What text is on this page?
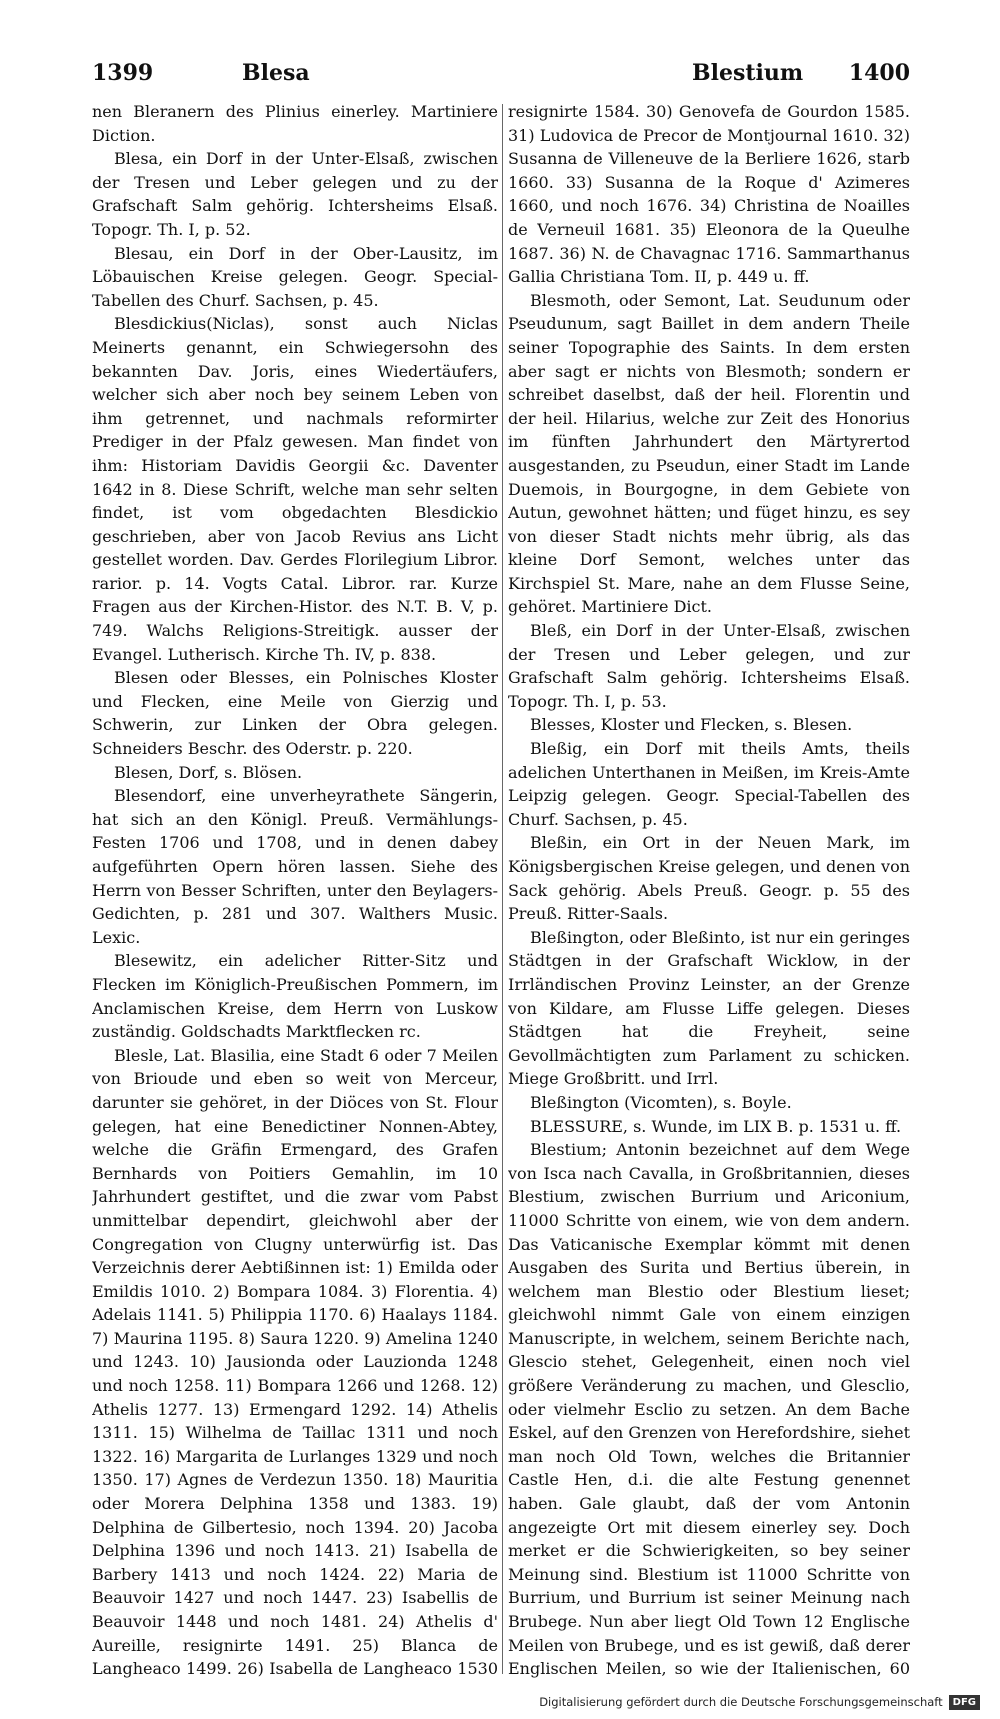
1399	Blesa	Blestium 1400

nen Bleranern des Plinius einerley. Martiniere Diction.

Blesa, ein Dorf in der Unter-Elsaß, zwischen der Tresen und Leber gelegen und zu der Grafschaft Salm gehörig. Ichtersheims Elsaß. Topogr. Th. I, p. 52.

Blesau, ein Dorf in der Ober-Lausitz, im Löbauischen Kreise gelegen. Geogr. Special-Tabellen des Churf. Sachsen, p. 45.

Blesdickius(Niclas), sonst auch Niclas Meinerts genannt, ein Schwiegersohn des bekannten Dav. Joris, eines Wiedertäufers, welcher sich aber noch bey seinem Leben von ihm getrennet, und nachmals reformirter Prediger in der Pfalz gewesen. Man findet von ihm: Historiam Davidis Georgii &c. Daventer 1642 in 8. Diese Schrift, welche man sehr selten findet, ist vom obgedachten Blesdickio geschrieben, aber von Jacob Revius ans Licht gestellet worden. Dav. Gerdes Florilegium Libror. rarior. p. 14. Vogts Catal. Libror. rar. Kurze Fragen aus der Kirchen-Histor. des N.T. B. V, p. 749. Walchs Religions-Streitigk. ausser der Evangel. Lutherisch. Kirche Th. IV, p. 838.

Blesen oder Blesses, ein Polnisches Kloster und Flecken, eine Meile von Gierzig und Schwerin, zur Linken der Obra gelegen. Schneiders Beschr. des Oderstr. p. 220.

Blesen, Dorf, s. Blösen.

Blesendorf, eine unverheyrathete Sängerin, hat sich an den Königl. Preuß. Vermählungs-Festen 1706 und 1708, und in denen dabey aufgeführten Opern hören lassen. Siehe des Herrn von Besser Schriften, unter den Beylagers-Gedichten, p. 281 und 307. Walthers Music. Lexic.

Blesewitz, ein adelicher Ritter-Sitz und Flecken im Königlich-Preußischen Pommern, im Anclamischen Kreise, dem Herrn von Luskow zuständig. Goldschadts Marktflecken rc.

Blesle, Lat. Blasilia, eine Stadt 6 oder 7 Meilen von Brioude und eben so weit von Merceur, darunter sie gehöret, in der Diöces von St. Flour gelegen, hat eine Benedictiner Nonnen-Abtey, welche die Gräfin Ermengard, des Grafen Bernhards von Poitiers Gemahlin, im 10 Jahrhundert gestiftet, und die zwar vom Pabst unmittelbar dependirt, gleichwohl aber der Congregation von Clugny unterwürfig ist. Das Verzeichnis derer Aebtißinnen ist: 1) Emilda oder Emildis 1010. 2) Bompara 1084. 3) Florentia. 4) Adelais 1141. 5) Philippia 1170. 6) Haalays 1184. 7) Maurina 1195. 8) Saura 1220. 9) Amelina 1240 und 1243. 10) Jausionda oder Lauzionda 1248 und noch 1258. 11) Bompara 1266 und 1268. 12) Athelis 1277. 13) Ermengard 1292. 14) Athelis 1311. 15) Wilhelma de Taillac 1311 und noch 1322. 16) Margarita de Lurlanges 1329 und noch 1350. 17) Agnes de Verdezun 1350. 18) Mauritia oder Morera Delphina 1358 und 1383. 19) Delphina de Gilbertesio, noch 1394. 20) Jacoba Delphina 1396 und noch 1413. 21) Isabella de Barbery 1413 und noch 1424. 22) Maria de Beauvoir 1427 und noch 1447. 23) Isabellis de Beauvoir 1448 und noch 1481. 24) Athelis d' Aureille, resignirte 1491. 25) Blanca de Langheaco 1499. 26) Isabella de Langheaco 1530

resignirte 1584. 30) Genovefa de Gourdon 1585. 31) Ludovica de Precor de Montjournal 1610. 32) Susanna de Villeneuve de la Berliere 1626, starb 1660. 33) Susanna de la Roque d' Azimeres 1660, und noch 1676. 34) Christina de Noailles de Verneuil 1681. 35) Eleonora de la Queulhe 1687. 36) N. de Chavagnac 1716. Sammarthanus Gallia Christiana Tom. II, p. 449 u. ff.

Blesmoth, oder Semont, Lat. Seudunum oder Pseudunum, sagt Baillet in dem andern Theile seiner Topographie des Saints. In dem ersten aber sagt er nichts von Blesmoth; sondern er schreibet daselbst, daß der heil. Florentin und der heil. Hilarius, welche zur Zeit des Honorius im fünften Jahrhundert den Märtyrertod ausgestanden, zu Pseudun, einer Stadt im Lande Duemois, in Bourgogne, in dem Gebiete von Autun, gewohnet hätten; und füget hinzu, es sey von dieser Stadt nichts mehr übrig, als das kleine Dorf Semont, welches unter das Kirchspiel St. Mare, nahe an dem Flusse Seine, gehöret. Martiniere Dict.

Bleß, ein Dorf in der Unter-Elsaß, zwischen der Tresen und Leber gelegen, und zur Grafschaft Salm gehörig. Ichtersheims Elsaß. Topogr. Th. I, p. 53.

Blesses, Kloster und Flecken, s. Blesen.

Bleßig, ein Dorf mit theils Amts, theils adelichen Unterthanen in Meißen, im Kreis-Amte Leipzig gelegen. Geogr. Special-Tabellen des Churf. Sachsen, p. 45.

Bleßin, ein Ort in der Neuen Mark, im Königsbergischen Kreise gelegen, und denen von Sack gehörig. Abels Preuß. Geogr. p. 55 des Preuß. Ritter-Saals.

Bleßington, oder Bleßinto, ist nur ein geringes Städtgen in der Grafschaft Wicklow, in der Irrländischen Provinz Leinster, an der Grenze von Kildare, am Flusse Liffe gelegen. Dieses Städtgen hat die Freyheit, seine Gevollmächtigten zum Parlament zu schicken. Miege Großbritt. und Irrl.

Bleßington (Vicomten), s. Boyle.

BLESSURE, s. Wunde, im LIX B. p. 1531 u. ff.

Blestium; Antonin bezeichnet auf dem Wege von Isca nach Cavalla, in Großbritannien, dieses Blestium, zwischen Burrium und Ariconium, 11000 Schritte von einem, wie von dem andern. Das Vaticanische Exemplar kömmt mit denen Ausgaben des Surita und Bertius überein, in welchem man Blestio oder Blestium lieset; gleichwohl nimmt Gale von einem einzigen Manuscripte, in welchem, seinem Berichte nach, Glescio stehet, Gelegenheit, einen noch viel größere Veränderung zu machen, und Glesclio, oder vielmehr Esclio zu setzen. An dem Bache Eskel, auf den Grenzen von Herefordshire, siehet man noch Old Town, welches die Britannier Castle Hen, d.i. die alte Festung genennet haben. Gale glaubt, daß der vom Antonin angezeigte Ort mit diesem einerley sey. Doch merket er die Schwierigkeiten, so bey seiner Meinung sind. Blestium ist 11000 Schritte von Burrium, und Burrium ist seiner Meinung nach Brubege. Nun aber liegt Old Town 12 Englische Meilen von Brubege, und es ist gewiß, daß derer Englischen Meilen, so wie der Italienischen, 60

Digitalisierung gefördert durch die Deutsche Forschungsgemeinschaft	DFG
